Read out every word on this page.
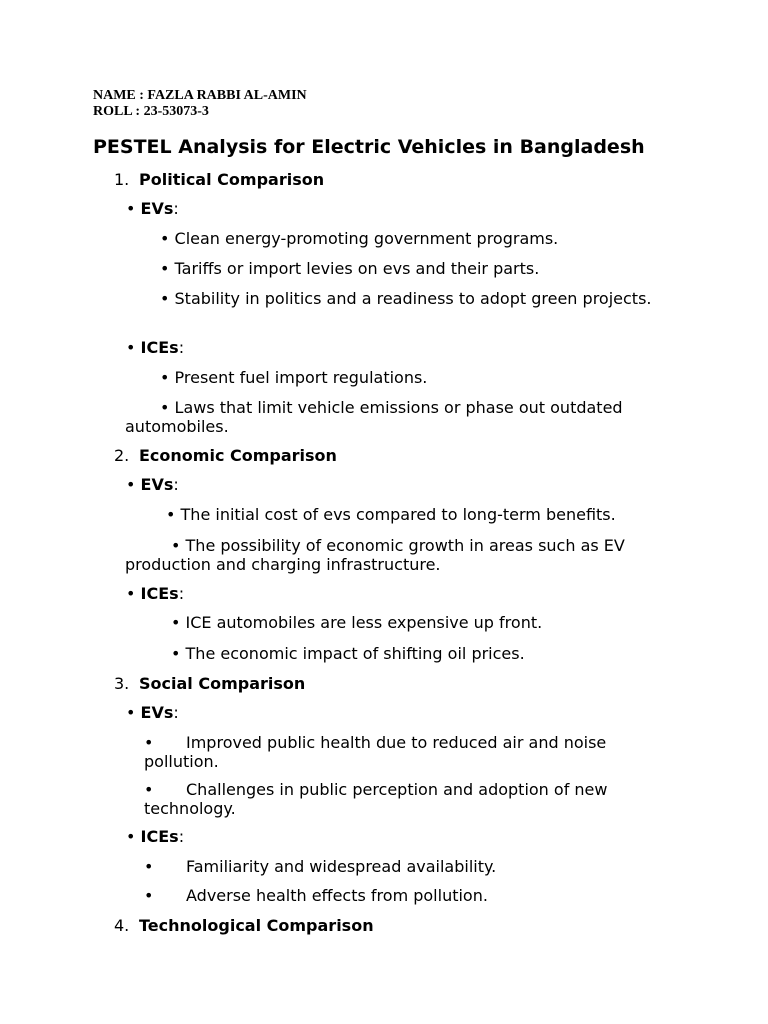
NAME : FAZLA RABBI AL-AMIN
ROLL : 23-53073-3
PESTEL Analysis for Electric Vehicles in Bangladesh
1. Political Comparison
• EVs:
• Clean energy-promoting government programs.
• Tariffs or import levies on evs and their parts.
• Stability in politics and a readiness to adopt green projects.
• ICEs:
• Present fuel import regulations.
• Laws that limit vehicle emissions or phase out outdated automobiles.
2. Economic Comparison
• EVs:
• The initial cost of evs compared to long-term benefits.
• The possibility of economic growth in areas such as EV production and charging infrastructure.
• ICEs:
• ICE automobiles are less expensive up front.
• The economic impact of shifting oil prices.
3. Social Comparison
• EVs:
•	Improved public health due to reduced air and noise pollution.
•	Challenges in public perception and adoption of new technology.
• ICEs:
• Familiarity and widespread availability.
• Adverse health effects from pollution.
4. Technological Comparison
